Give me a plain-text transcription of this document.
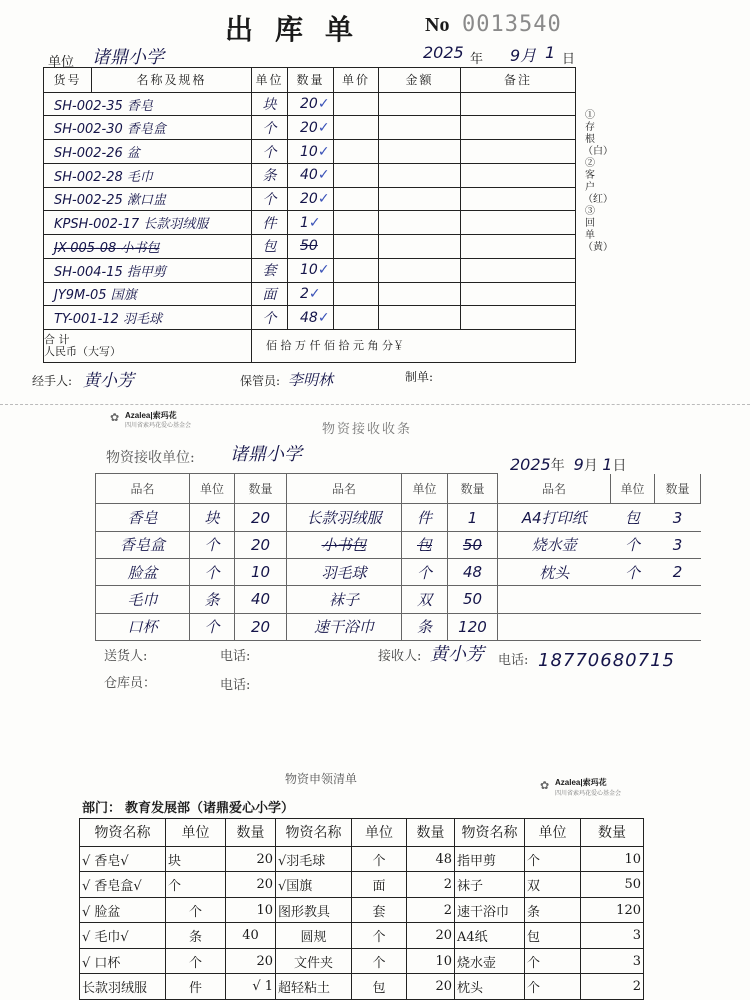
出库单 No 0013540
单位 诸鼎小学	2025 年 9月 1 日
货号	名称及规格	单位	数量	单价	金额	备注
SH-002-35 香皂		块	20✓			
SH-002-30 香皂盒		个	20✓			
SH-002-26 盆		个	10✓			
SH-002-28 毛巾		条	40✓			
SH-002-25 漱口盅		个	20✓			
KPSH-002-17 长款羽绒服		件	1✓			
JX-005-08 小书包		包	50			
SH-004-15 指甲剪		套	10✓			
JY9M-05 国旗		面	2✓			
TY-001-12 羽毛球		个	48✓			

合 计
人民币（大写）		佰 拾 万 仟 佰 拾 元 角 分￥				
①存根（白）②客户（红）③回单（黄）
经手人: 黄小芳	保管员: 李明林	制单:
✿ Azalea|索玛花
四川省索玛花爱心基金会	物资接收收条
物资接收单位: 诸鼎小学	2025年 9月 1日
品名	单位	数量	品名	单位	数量	品名	单位	数量
香皂	块	20	长款羽绒服	件	1	A4打印纸	包	3
香皂盒	个	20	小书包	包	50	烧水壶	个	3
脸盆	个	10	羽毛球	个	48	枕头	个	2
毛巾	条	40	袜子	双	50			
口杯	个	20	速干浴巾	条	120			
送货人:	电话:	接收人: 黄小芳 电话: 18770680715
仓库员：	电话:
物资申领清单	✿ Azalea|索玛花
四川省索玛花爱心基金会
部门： 教育发展部（诸鼎爱心小学）
物资名称	单位	数量	物资名称	单位	数量	物资名称	单位	数量
√ 香皂√	块	20	√羽毛球	个	48	指甲剪	个	10
√ 香皂盒√	个	20	√国旗	面	2	袜子	双	50
√ 脸盆	个	10	图形教具	套	2	速干浴巾	条	120
√ 毛巾√	条	40	圆规	个	20	A4纸	包	3
√ 口杯	个	20	文件夹	个	10	烧水壶	个	3
长款羽绒服	件	√ 1	超轻粘土	包	20	枕头	个	2
